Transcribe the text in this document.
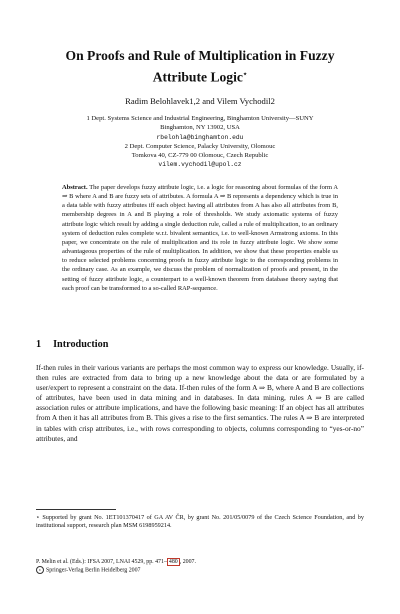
On Proofs and Rule of Multiplication in Fuzzy
Attribute Logic⋆
Radim Belohlavek1,2 and Vilem Vychodil2
1 Dept. Systems Science and Industrial Engineering, Binghamton University—SUNY
Binghamton, NY 13902, USA
rbelohla@binghamton.edu
2 Dept. Computer Science, Palacky University, Olomouc
Tomkova 40, CZ-779 00 Olomouc, Czech Republic
vilem.vychodil@upol.cz
Abstract. The paper develops fuzzy attribute logic, i.e. a logic for reasoning about formulas of the form A ⇒ B where A and B are fuzzy sets of attributes. A formula A ⇒ B represents a dependency which is true in a data table with fuzzy attributes iff each object having all attributes from A has also all attributes from B, membership degrees in A and B playing a role of thresholds. We study axiomatic systems of fuzzy attribute logic which result by adding a single deduction rule, called a rule of multiplication, to an ordinary system of deduction rules complete w.r.t. bivalent semantics, i.e. to well-known Armstrong axioms. In this paper, we concentrate on the rule of multiplication and its role in fuzzy attribute logic. We show some advantageous properties of the rule of multiplication. In addition, we show that these properties enable us to reduce selected problems concerning proofs in fuzzy attribute logic to the corresponding problems in the ordinary case. As an example, we discuss the problem of normalization of proofs and present, in the setting of fuzzy attribute logic, a counterpart to a well-known theorem from database theory saying that each proof can be transformed to a so-called RAP-sequence.
1 Introduction
If-then rules in their various variants are perhaps the most common way to express our knowledge. Usually, if-then rules are extracted from data to bring up a new knowledge about the data or are formulated by a user/expert to represent a constraint on the data. If-then rules of the form A ⇒ B, where A and B are collections of attributes, have been used in data mining and in databases. In data mining, rules A ⇒ B are called association rules or attribute implications, and have the following basic meaning: If an object has all attributes from A then it has all attributes from B. This gives a rise to the first semantics. The rules A ⇒ B are interpreted in tables with crisp attributes, i.e., with rows corresponding to objects, columns corresponding to “yes-or-no” attributes, and
⋆ Supported by grant No. 1ET101370417 of GA AV ČR, by grant No. 201/05/0079 of the Czech Science Foundation, and by institutional support, research plan MSM 6198959214.
P. Melin et al. (Eds.): IFSA 2007, LNAI 4529, pp. 471– 480 , 2007.
c Springer-Verlag Berlin Heidelberg 2007
